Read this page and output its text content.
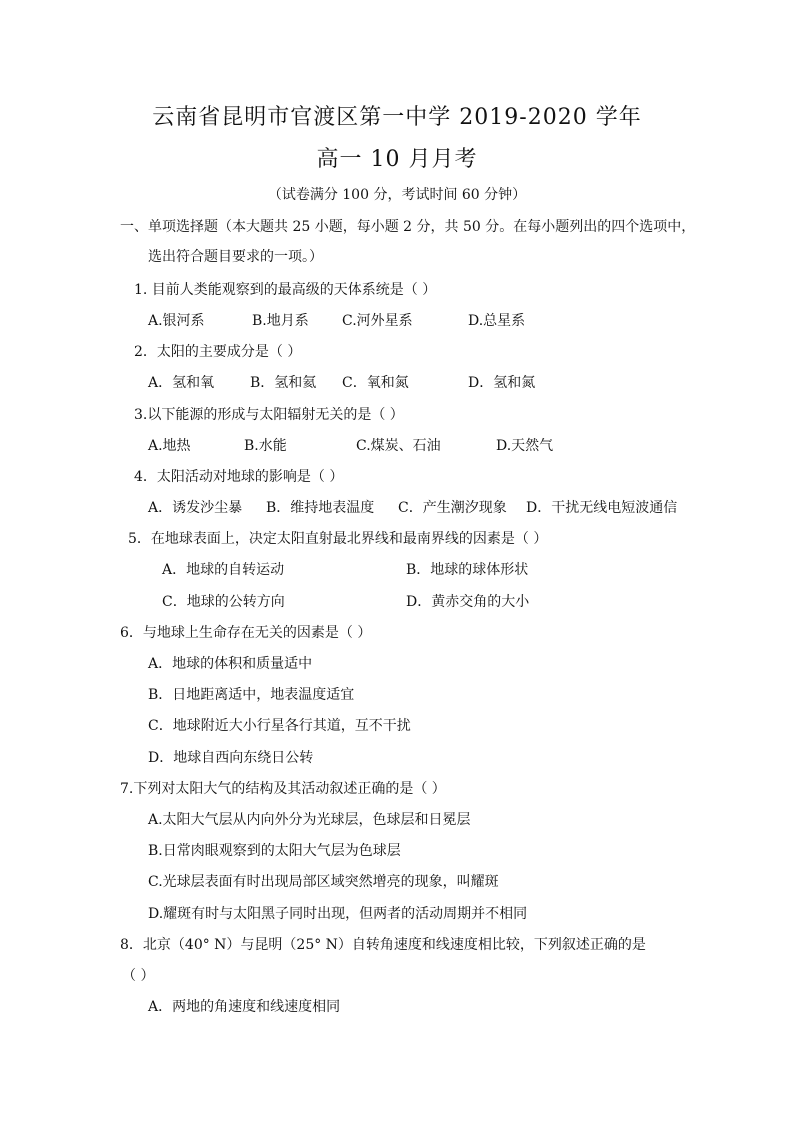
云南省昆明市官渡区第一中学 2019-2020 学年
高一 10 月月考
（试卷满分 100 分，考试时间 60 分钟）
一、单项选择题（本大题共 25 小题，每小题 2 分，共 50 分。在每小题列出的四个选项中，
选出符合题目要求的一项。）
1. 目前人类能观察到的最高级的天体系统是（ ）
A.银河系	B.地月系 C.河外星系	D.总星系
2．太阳的主要成分是（ ）
A．氢和氧	B．氢和氦 C．氧和氮	D．氢和氮
3.以下能源的形成与太阳辐射无关的是（ ）
A.地热	B.水能	C.煤炭、石油	D.天然气
4．太阳活动对地球的影响是（ ）
A．诱发沙尘暴 B．维持地表温度 C．产生潮汐现象 D．干扰无线电短波通信
5．在地球表面上，决定太阳直射最北界线和最南界线的因素是（ ）
A．地球的自转运动	B．地球的球体形状
C．地球的公转方向	D．黄赤交角的大小
6．与地球上生命存在无关的因素是（ ）
A．地球的体积和质量适中
B．日地距离适中，地表温度适宜
C．地球附近大小行星各行其道，互不干扰
D．地球自西向东绕日公转
7.下列对太阳大气的结构及其活动叙述正确的是（ ）
A.太阳大气层从内向外分为光球层，色球层和日冕层
B.日常肉眼观察到的太阳大气层为色球层
C.光球层表面有时出现局部区域突然增亮的现象，叫耀斑
D.耀斑有时与太阳黑子同时出现，但两者的活动周期并不相同
8．北京（40° N）与昆明（25° N）自转角速度和线速度相比较，下列叙述正确的是
（ ）
A．两地的角速度和线速度相同
